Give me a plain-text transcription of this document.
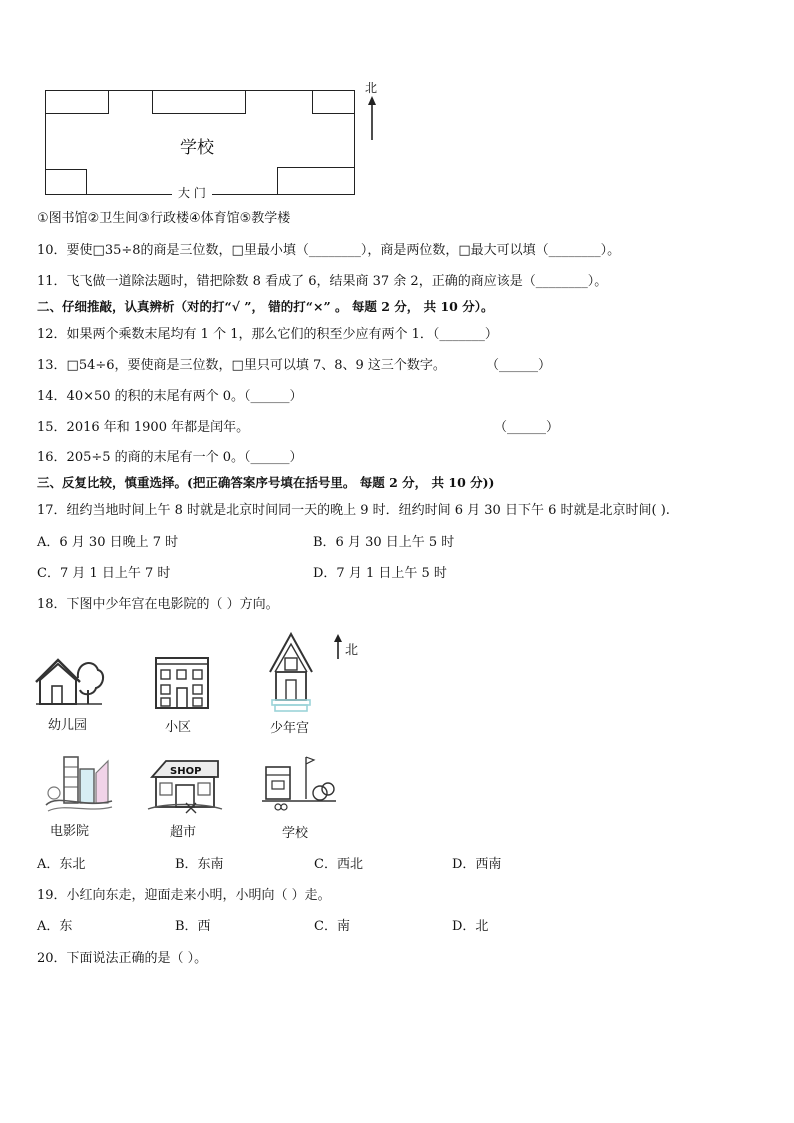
学校
大 门
北
①图书馆②卫生间③行政楼④体育馆⑤教学楼
10．要使□35÷8的商是三位数，□里最小填（________），商是两位数，□最大可以填（________）。
11．飞飞做一道除法题时，错把除数 8 看成了 6，结果商 37 余 2，正确的商应该是（________）。
二、仔细推敲，认真辨析（对的打“√ ”， 错的打“×” 。 每题 2 分， 共 10 分）。
12．如果两个乘数末尾均有 1 个 1，那么它们的积至少应有两个 1．（_______）
13．□54÷6，要使商是三位数，□里只可以填 7、8、9 这三个数字。	（______）
14．40×50 的积的末尾有两个 0。（______）
15．2016 年和 1900 年都是闰年。	（______）
16．205÷5 的商的末尾有一个 0。（______）
三、反复比较，慎重选择。(把正确答案序号填在括号里。 每题 2 分， 共 10 分))
17．纽约当地时间上午 8 时就是北京时间同一天的晚上 9 时．纽约时间 6 月 30 日下午 6 时就是北京时间( ).
A．6 月 30 日晚上 7 时	B．6 月 30 日上午 5 时
C．7 月 1 日上午 7 时	D．7 月 1 日上午 5 时
18．下图中少年宫在电影院的（ ）方向。
幼儿园	小区	少年宫
北
电影院
SHOP
超市	学校
A．东北	B．东南	C．西北	D．西南
19．小红向东走，迎面走来小明，小明向（ ）走。
A．东	B．西	C．南	D．北
20．下面说法正确的是（ ）。
